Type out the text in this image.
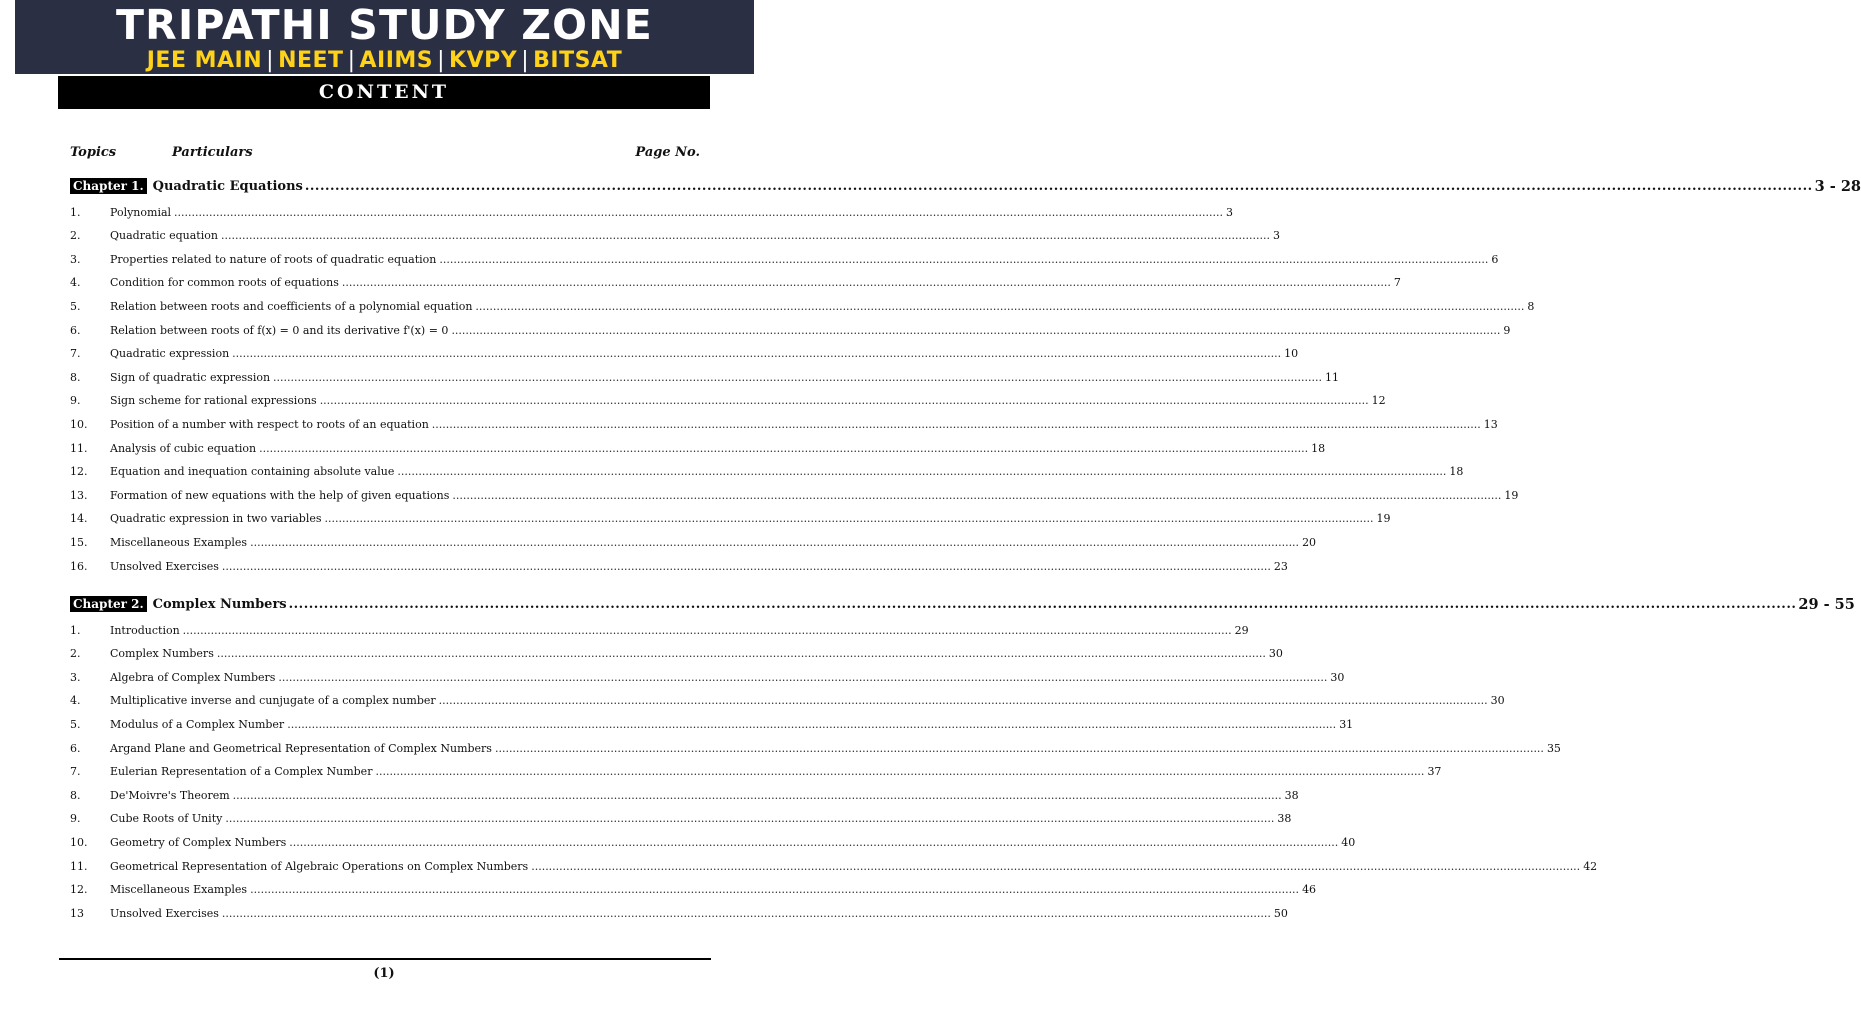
TRIPATHI STUDY ZONE
JEE MAIN | NEET | AIIMS | KVPY | BITSAT
CONTENT
Topics	Particulars	Page No.
Chapter 1. Quadratic Equations ............................................................................................................................................................................................................................................................................................................ 3 - 28
1.	Polynomial ............................................................................................................................................................................................................................................................................................................ 3
2.	Quadratic equation ............................................................................................................................................................................................................................................................................................................ 3
3.	Properties related to nature of roots of quadratic equation ............................................................................................................................................................................................................................................................................................................ 6
4.	Condition for common roots of equations ............................................................................................................................................................................................................................................................................................................ 7
5.	Relation between roots and coefficients of a polynomial equation ............................................................................................................................................................................................................................................................................................................ 8
6.	Relation between roots of f(x) = 0 and its derivative f'(x) = 0 ............................................................................................................................................................................................................................................................................................................ 9
7.	Quadratic expression ............................................................................................................................................................................................................................................................................................................ 10
8.	Sign of quadratic expression ............................................................................................................................................................................................................................................................................................................ 11
9.	Sign scheme for rational expressions ............................................................................................................................................................................................................................................................................................................ 12
10.	Position of a number with respect to roots of an equation ............................................................................................................................................................................................................................................................................................................ 13
11.	Analysis of cubic equation ............................................................................................................................................................................................................................................................................................................ 18
12.	Equation and inequation containing absolute value ............................................................................................................................................................................................................................................................................................................ 18
13.	Formation of new equations with the help of given equations ............................................................................................................................................................................................................................................................................................................ 19
14.	Quadratic expression in two variables ............................................................................................................................................................................................................................................................................................................ 19
15.	Miscellaneous Examples ............................................................................................................................................................................................................................................................................................................ 20
16.	Unsolved Exercises ............................................................................................................................................................................................................................................................................................................ 23
Chapter 2. Complex Numbers ............................................................................................................................................................................................................................................................................................................ 29 - 55
1.	Introduction ............................................................................................................................................................................................................................................................................................................ 29
2.	Complex Numbers ............................................................................................................................................................................................................................................................................................................ 30
3.	Algebra of Complex Numbers ............................................................................................................................................................................................................................................................................................................ 30
4.	Multiplicative inverse and cunjugate of a complex number ............................................................................................................................................................................................................................................................................................................ 30
5.	Modulus of a Complex Number ............................................................................................................................................................................................................................................................................................................ 31
6.	Argand Plane and Geometrical Representation of Complex Numbers ............................................................................................................................................................................................................................................................................................................ 35
7.	Eulerian Representation of a Complex Number ............................................................................................................................................................................................................................................................................................................ 37
8.	De'Moivre's Theorem ............................................................................................................................................................................................................................................................................................................ 38
9.	Cube Roots of Unity ............................................................................................................................................................................................................................................................................................................ 38
10.	Geometry of Complex Numbers ............................................................................................................................................................................................................................................................................................................ 40
11.	Geometrical Representation of Algebraic Operations on Complex Numbers ............................................................................................................................................................................................................................................................................................................ 42
12.	Miscellaneous Examples ............................................................................................................................................................................................................................................................................................................ 46
13	Unsolved Exercises ............................................................................................................................................................................................................................................................................................................ 50
(1)
